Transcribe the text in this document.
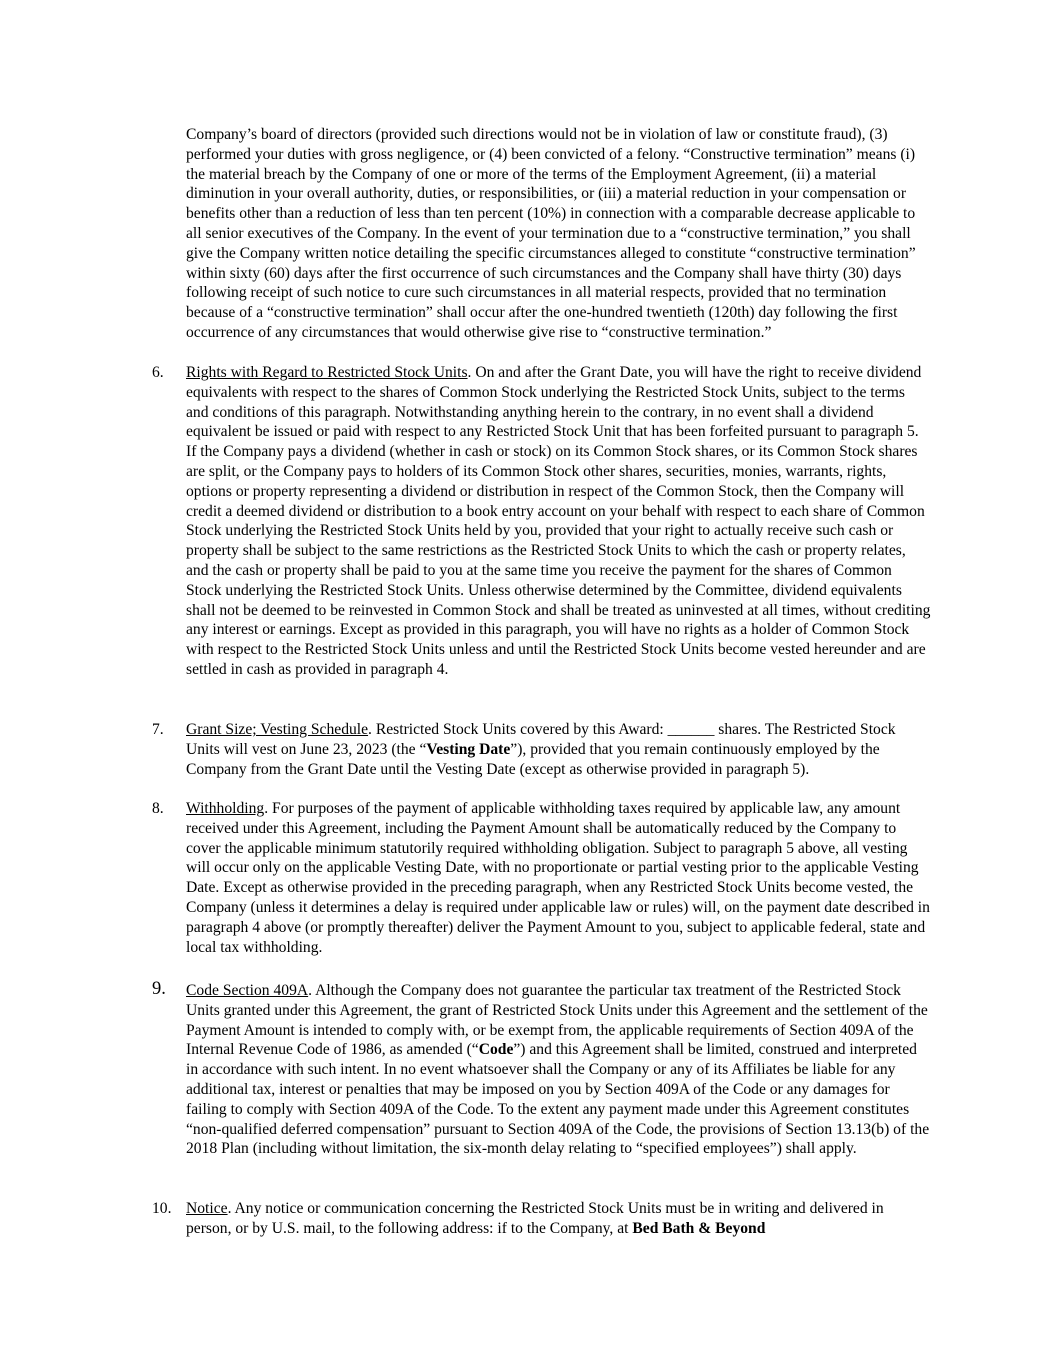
Company’s board of directors (provided such directions would not be in violation of law or constitute fraud), (3) performed your duties with gross negligence, or (4) been convicted of a felony. “Constructive termination” means (i) the material breach by the Company of one or more of the terms of the Employment Agreement, (ii) a material diminution in your overall authority, duties, or responsibilities, or (iii) a material reduction in your compensation or benefits other than a reduction of less than ten percent (10%) in connection with a comparable decrease applicable to all senior executives of the Company. In the event of your termination due to a “constructive termination,” you shall give the Company written notice detailing the specific circumstances alleged to constitute “constructive termination” within sixty (60) days after the first occurrence of such circumstances and the Company shall have thirty (30) days following receipt of such notice to cure such circumstances in all material respects, provided that no termination because of a “constructive termination” shall occur after the one-hundred twentieth (120th) day following the first occurrence of any circumstances that would otherwise give rise to “constructive termination.”

6.	Rights with Regard to Restricted Stock Units. On and after the Grant Date, you will have the right to receive dividend equivalents with respect to the shares of Common Stock underlying the Restricted Stock Units, subject to the terms and conditions of this paragraph. Notwithstanding anything herein to the contrary, in no event shall a dividend equivalent be issued or paid with respect to any Restricted Stock Unit that has been forfeited pursuant to paragraph 5. If the Company pays a dividend (whether in cash or stock) on its Common Stock shares, or its Common Stock shares are split, or the Company pays to holders of its Common Stock other shares, securities, monies, warrants, rights, options or property representing a dividend or distribution in respect of the Common Stock, then the Company will credit a deemed dividend or distribution to a book entry account on your behalf with respect to each share of Common Stock underlying the Restricted Stock Units held by you, provided that your right to actually receive such cash or property shall be subject to the same restrictions as the Restricted Stock Units to which the cash or property relates, and the cash or property shall be paid to you at the same time you receive the payment for the shares of Common Stock underlying the Restricted Stock Units. Unless otherwise determined by the Committee, dividend equivalents shall not be deemed to be reinvested in Common Stock and shall be treated as uninvested at all times, without crediting any interest or earnings. Except as provided in this paragraph, you will have no rights as a holder of Common Stock with respect to the Restricted Stock Units unless and until the Restricted Stock Units become vested hereunder and are settled in cash as provided in paragraph 4.

7.	Grant Size; Vesting Schedule. Restricted Stock Units covered by this Award: ______ shares. The Restricted Stock Units will vest on June 23, 2023 (the “Vesting Date”), provided that you remain continuously employed by the Company from the Grant Date until the Vesting Date (except as otherwise provided in paragraph 5).

8.	Withholding. For purposes of the payment of applicable withholding taxes required by applicable law, any amount received under this Agreement, including the Payment Amount shall be automatically reduced by the Company to cover the applicable minimum statutorily required withholding obligation. Subject to paragraph 5 above, all vesting will occur only on the applicable Vesting Date, with no proportionate or partial vesting prior to the applicable Vesting Date. Except as otherwise provided in the preceding paragraph, when any Restricted Stock Units become vested, the Company (unless it determines a delay is required under applicable law or rules) will, on the payment date described in paragraph 4 above (or promptly thereafter) deliver the Payment Amount to you, subject to applicable federal, state and local tax withholding.

9.	Code Section 409A. Although the Company does not guarantee the particular tax treatment of the Restricted Stock Units granted under this Agreement, the grant of Restricted Stock Units under this Agreement and the settlement of the Payment Amount is intended to comply with, or be exempt from, the applicable requirements of Section 409A of the Internal Revenue Code of 1986, as amended (“Code”) and this Agreement shall be limited, construed and interpreted in accordance with such intent. In no event whatsoever shall the Company or any of its Affiliates be liable for any additional tax, interest or penalties that may be imposed on you by Section 409A of the Code or any damages for failing to comply with Section 409A of the Code. To the extent any payment made under this Agreement constitutes “non-qualified deferred compensation” pursuant to Section 409A of the Code, the provisions of Section 13.13(b) of the 2018 Plan (including without limitation, the six-month delay relating to “specified employees”) shall apply.

10. Notice. Any notice or communication concerning the Restricted Stock Units must be in writing and delivered in person, or by U.S. mail, to the following address: if to the Company, at Bed Bath & Beyond
